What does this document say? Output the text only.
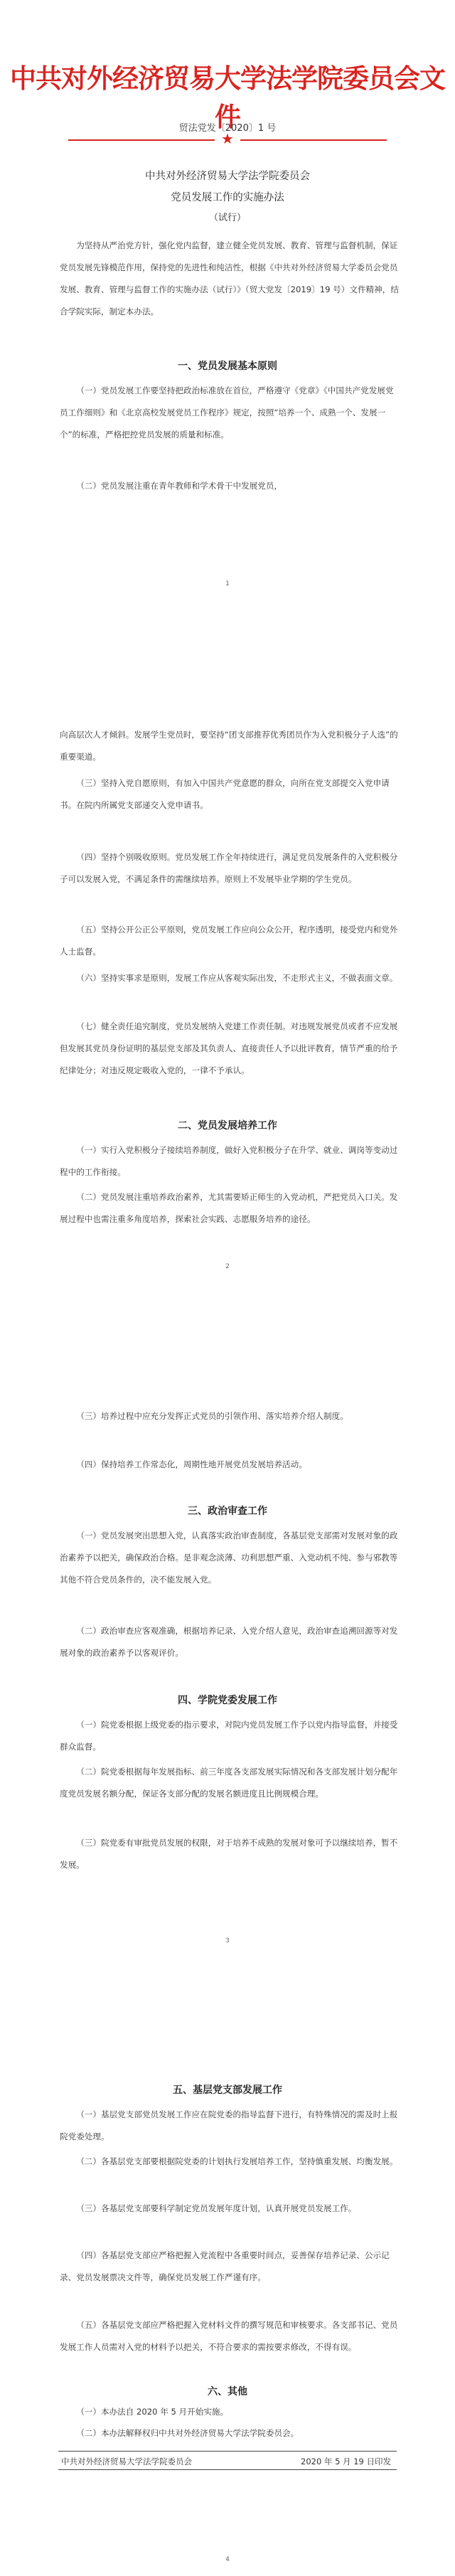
中共对外经济贸易大学法学院委员会文件
贸法党发〔2020〕1 号
★
中共对外经济贸易大学法学院委员会
党员发展工作的实施办法
（试行）

为坚持从严治党方针，强化党内监督，建立健全党员发展、教育、管理与监督机制，保证党员发展先锋模范作用，保持党的先进性和纯洁性，根据《中共对外经济贸易大学委员会党员发展、教育、管理与监督工作的实施办法（试行）》（贸大党发〔2019〕19 号）文件精神，结合学院实际，制定本办法。

一、党员发展基本原则

（一）党员发展工作要坚持把政治标准放在首位，严格遵守《党章》《中国共产党发展党员工作细则》和《北京高校发展党员工作程序》规定，按照“培养一个、成熟一个、发展一个”的标准，严格把控党员发展的质量和标准。

（二）党员发展注重在青年教师和学术骨干中发展党员，

1

向高层次人才倾斜。发展学生党员时，要坚持“团支部推荐优秀团员作为入党积极分子人选”的重要渠道。

（三）坚持入党自愿原则，有加入中国共产党意愿的群众，向所在党支部提交入党申请书。在院内所属党支部递交入党申请书。

（四）坚持个别吸收原则。党员发展工作全年持续进行，满足党员发展条件的入党积极分子可以发展入党，不满足条件的需继续培养。原则上不发展毕业学期的学生党员。

（五）坚持公开公正公平原则，党员发展工作应向公众公开，程序透明，接受党内和党外人士监督。

（六）坚持实事求是原则，发展工作应从客观实际出发，不走形式主义，不做表面文章。

（七）健全责任追究制度，党员发展纳入党建工作责任制。对违规发展党员或者不应发展但发展其党员身份证明的基层党支部及其负责人、直接责任人予以批评教育，情节严重的给予纪律处分；对违反规定吸收入党的，一律不予承认。

二、党员发展培养工作

（一）实行入党积极分子接续培养制度，做好入党积极分子在升学、就业、调岗等变动过程中的工作衔接。

（二）党员发展注重培养政治素养，尤其需要矫正师生的入党动机，严把党员入口关。发展过程中也需注重多角度培养，探索社会实践、志愿服务培养的途径。

2

（三）培养过程中应充分发挥正式党员的引领作用、落实培养介绍人制度。

（四）保持培养工作常态化，周期性地开展党员发展培养活动。

三、政治审查工作

（一）党员发展突出思想入党，认真落实政治审查制度，各基层党支部需对发展对象的政治素养予以把关，确保政治合格。是非观念淡薄、功利思想严重、入党动机不纯、参与邪教等其他不符合党员条件的，决不能发展入党。

（二）政治审查应客观准确，根据培养记录、入党介绍人意见，政治审查追溯回源等对发展对象的政治素养予以客观评价。

四、学院党委发展工作

（一）院党委根据上级党委的指示要求，对院内党员发展工作予以党内指导监督，并接受群众监督。

（二）院党委根据每年发展指标、前三年度各支部发展实际情况和各支部发展计划分配年度党员发展名额分配，保证各支部分配的发展名额进度且比例规模合理。

（三）院党委有审批党员发展的权限，对于培养不成熟的发展对象可予以继续培养，暂不发展。

3
五、基层党支部发展工作

（一）基层党支部党员发展工作应在院党委的指导监督下进行，有特殊情况的需及时上报院党委处理。

（二）各基层党支部要根据院党委的计划执行发展培养工作，坚持慎重发展、均衡发展。

（三）各基层党支部要科学制定党员发展年度计划，认真开展党员发展工作。

（四）各基层党支部应严格把握入党流程中各重要时间点，妥善保存培养记录、公示记录、党员发展票决文件等，确保党员发展工作严谨有序。

（五）各基层党支部应严格把握入党材料文件的撰写规范和审核要求。各支部书记、党员发展工作人员需对入党的材料予以把关，不符合要求的需按要求修改，不得有误。

六、其他

（一）本办法自 2020 年 5 月开始实施。

（二）本办法解释权归中共对外经济贸易大学法学院委员会。

中共对外经济贸易大学法学院委员会	2020 年 5 月 19 日印发
4
